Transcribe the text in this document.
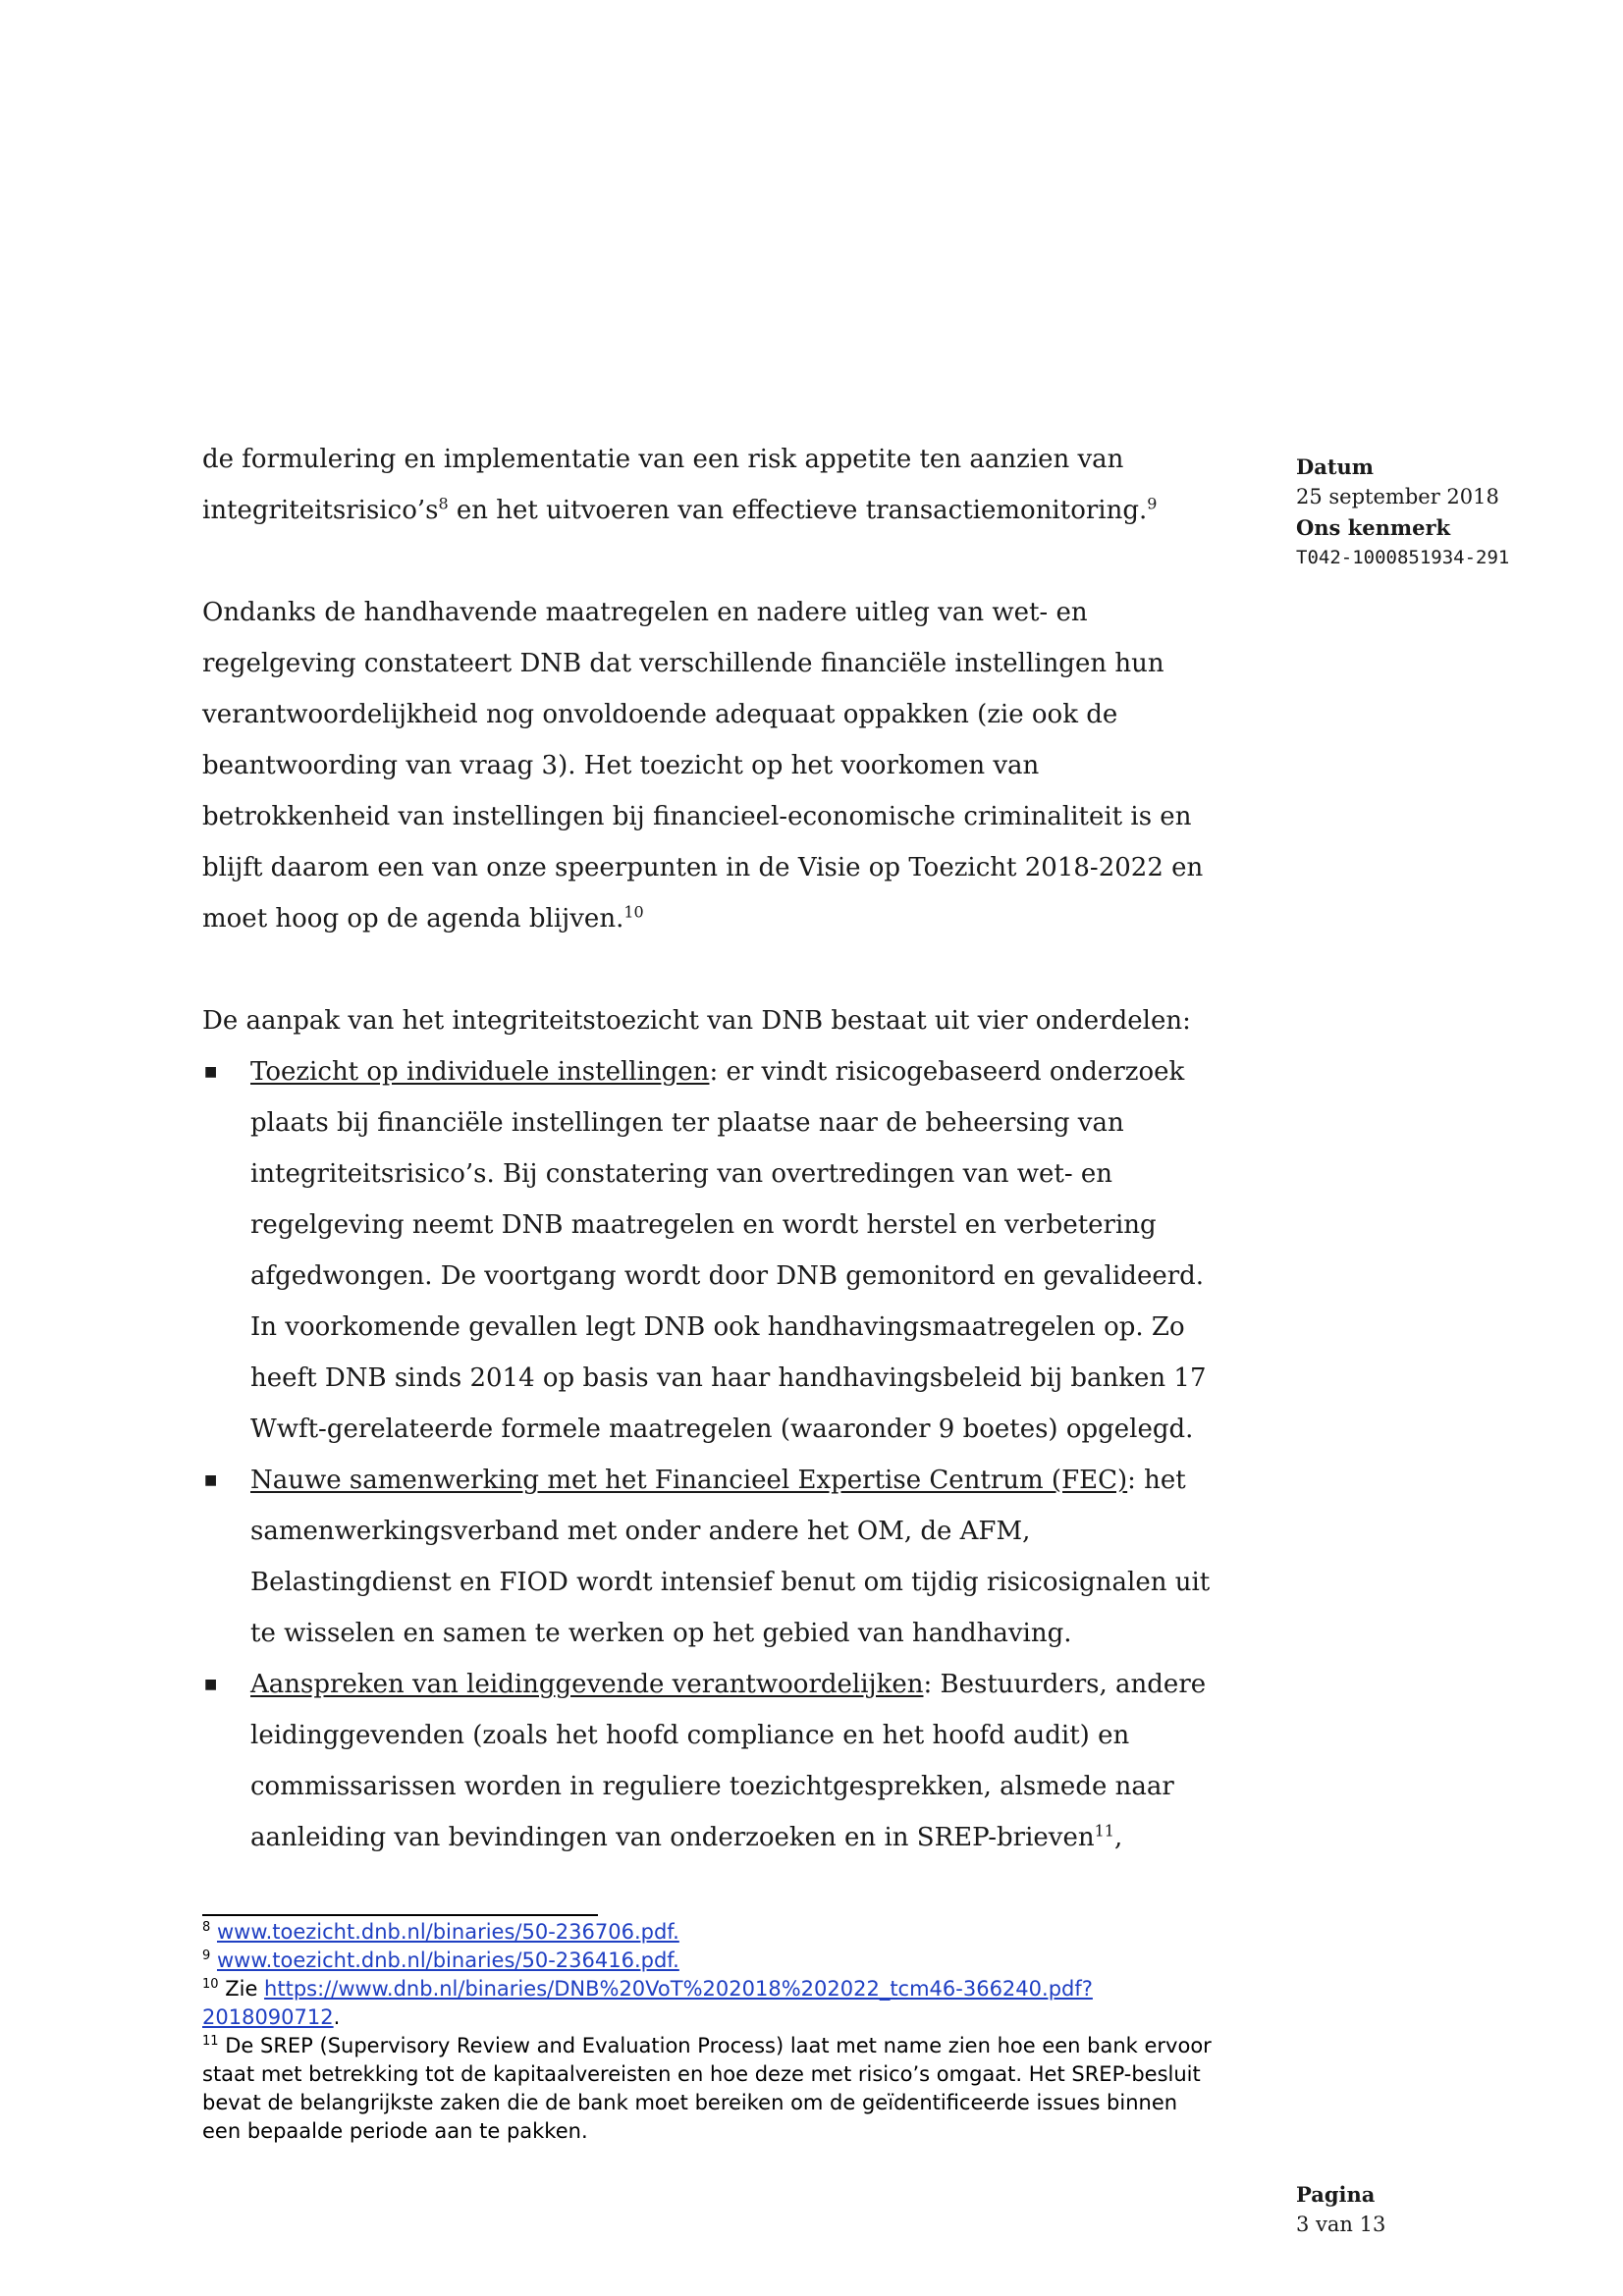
Datum
25 september 2018
Ons kenmerk
T042-1000851934-291

de formulering en implementatie van een risk appetite ten aanzien van $integriteitsrisico’s^8$ en het uitvoeren van effectieve transactiemonitoring.$^9$

Ondanks de handhavende maatregelen en nadere uitleg van wet- en regelgeving constateert DNB dat verschillende financiële instellingen hun verantwoordelijkheid nog onvoldoende adequaat oppakken (zie ook de beantwoording van vraag 3). Het toezicht op het voorkomen van betrokkenheid van instellingen bij financieel-economische criminaliteit is en blijft daarom een van onze speerpunten in de Visie op Toezicht 2018-2022 en moet hoog op de agenda blijven.$^{10}$

De aanpak van het integriteitstoezicht van DNB bestaat uit vier onderdelen:

■ Toezicht op individuele instellingen: er vindt risicogebaseerd onderzoek plaats bij financiële instellingen ter plaatse naar de beheersing van integriteitsrisico’s. Bij constatering van overtredingen van wet- en regelgeving neemt DNB maatregelen en wordt herstel en verbetering afgedwongen. De voortgang wordt door DNB gemonitord en gevalideerd. In voorkomende gevallen legt DNB ook handhavingsmaatregelen op. Zo heeft DNB sinds 2014 op basis van haar handhavingsbeleid bij banken 17 Wwft-gerelateerde formele maatregelen (waaronder 9 boetes) opgelegd.
■ Nauwe samenwerking met het Financieel Expertise Centrum (FEC): het samenwerkingsverband met onder andere het OM, de AFM, Belastingdienst en FIOD wordt intensief benut om tijdig risicosignalen uit te wisselen en samen te werken op het gebied van handhaving.
■ Aanspreken van leidinggevende verantwoordelijken: Bestuurders, andere leidinggevenden (zoals het hoofd compliance en het hoofd audit) en commissarissen worden in reguliere toezichtgesprekken, alsmede naar aanleiding van bevindingen van onderzoeken en in SREP-brieven$^{11}$,

$^8$ www.toezicht.dnb.nl/binaries/50-236706.pdf.

$^9$ www.toezicht.dnb.nl/binaries/50-236416.pdf.

$^{10}$ Zie https://www.dnb.nl/binaries/DNB%20VoT%202018%202022_tcm46-366240.pdf?2018090712.

$^{11}$ De SREP (Supervisory Review and Evaluation Process) laat met name zien hoe een bank ervoor staat met betrekking tot de kapitaalvereisten en hoe deze met risico’s omgaat. Het SREP-besluit bevat de belangrijkste zaken die de bank moet bereiken om de geïdentificeerde issues binnen een bepaalde periode aan te pakken.

Pagina
3 van 13
